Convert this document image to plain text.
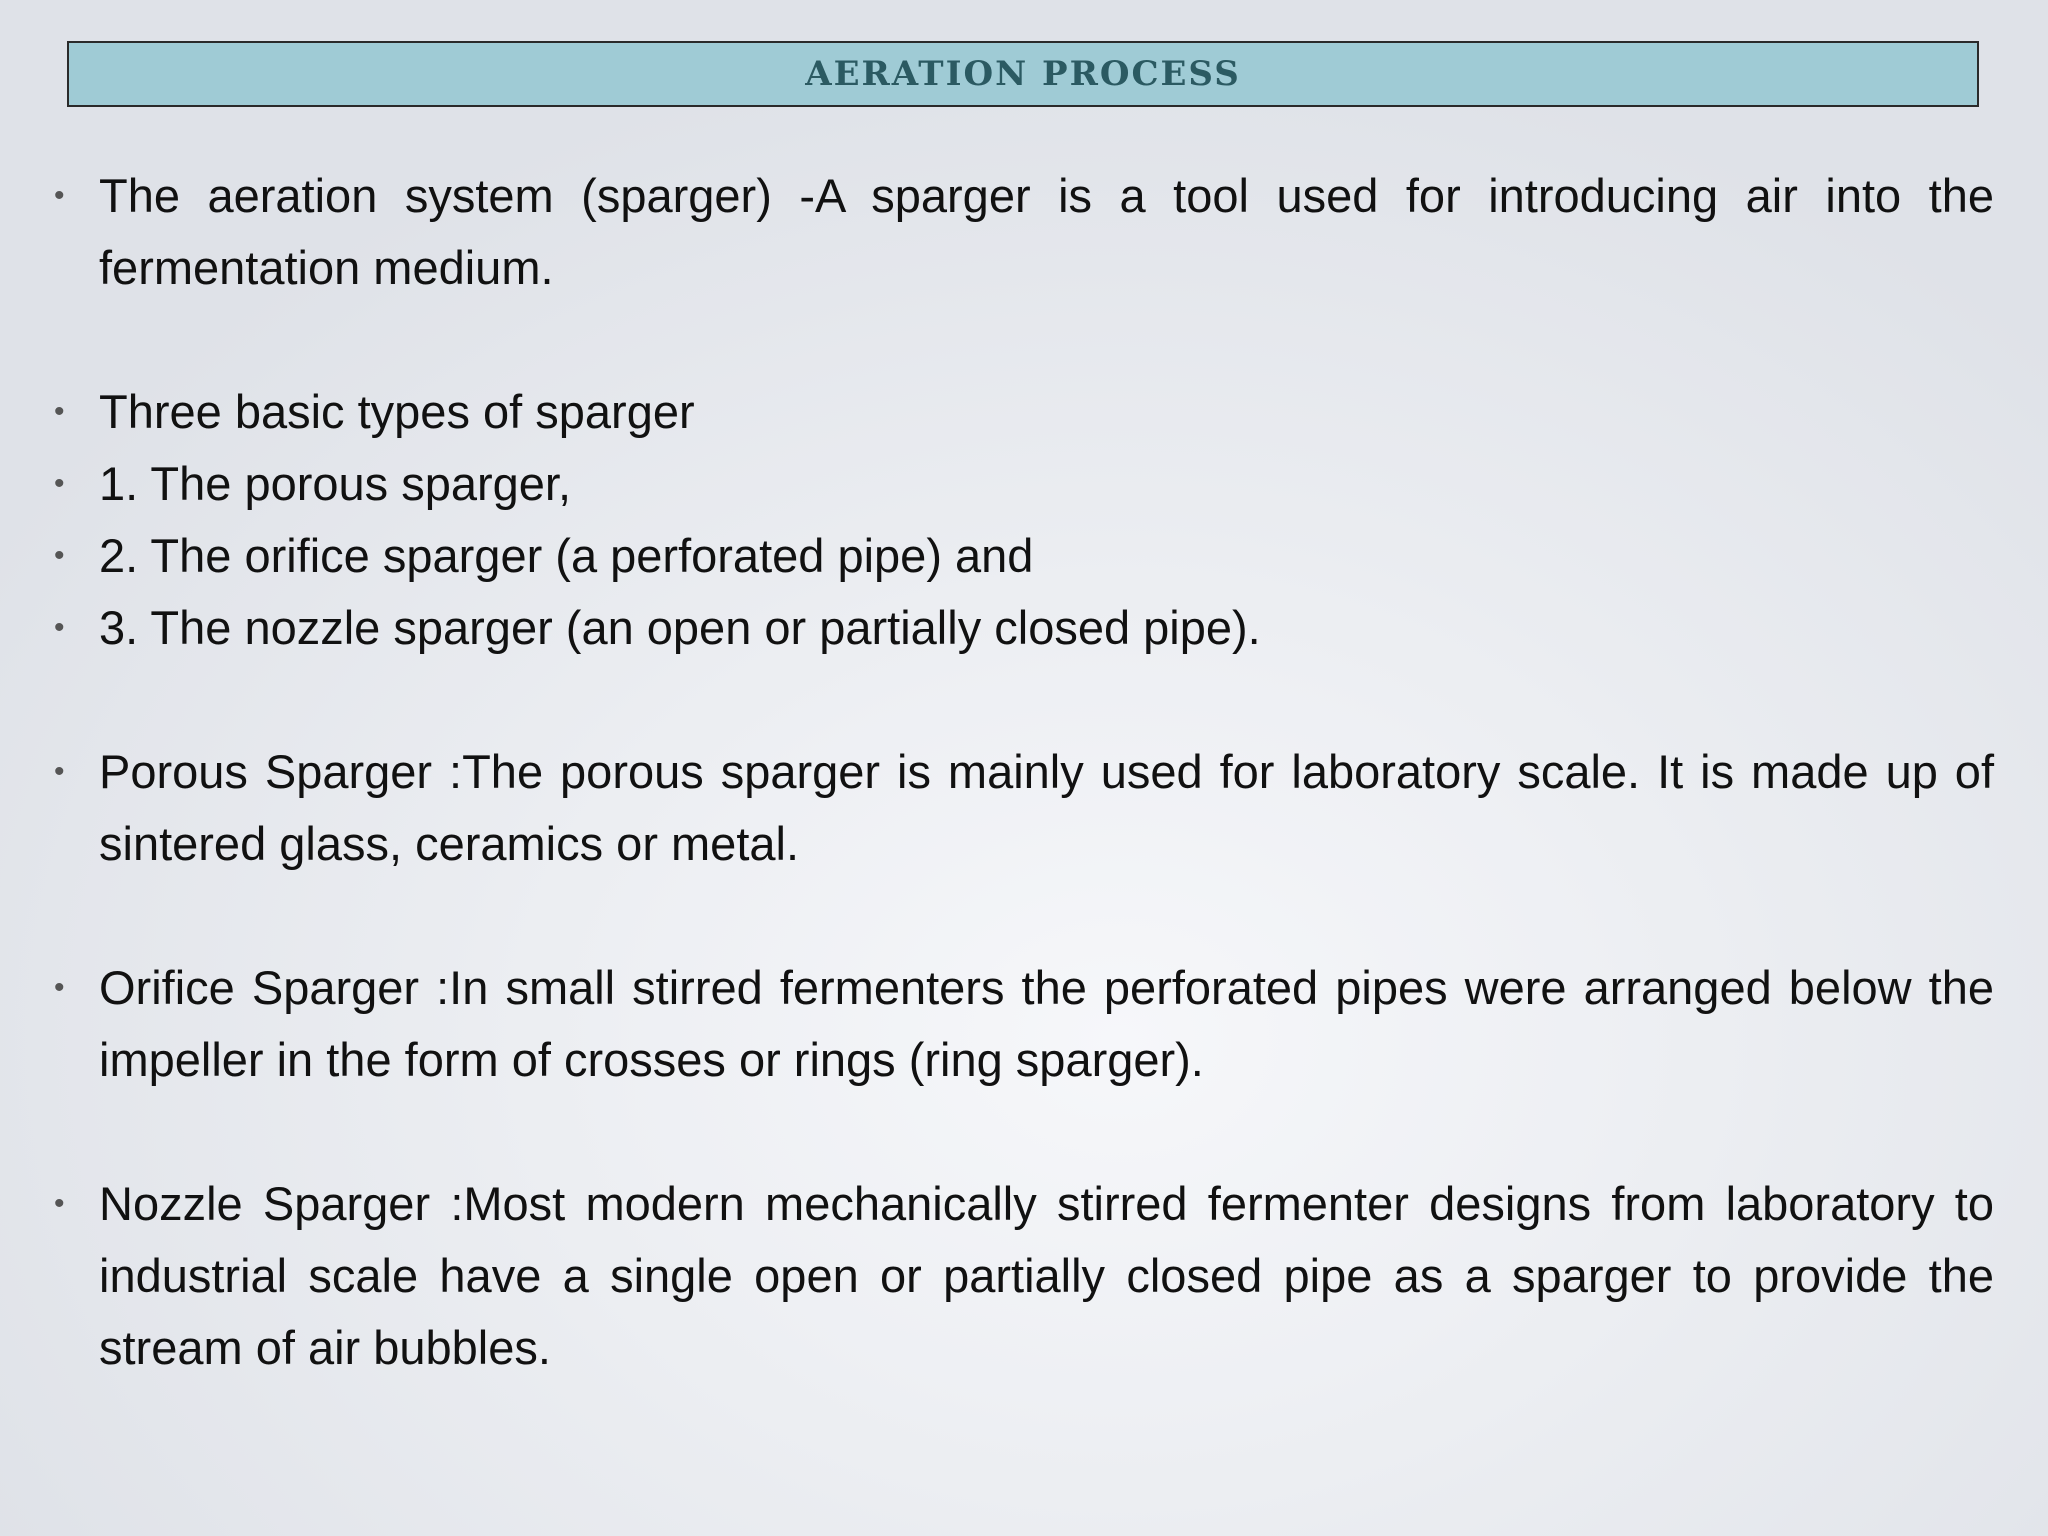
AERATION PROCESS
• The aeration system (sparger) -A sparger is a tool used for introducing air into the fermentation medium.
• Three basic types of sparger
• 1. The porous sparger,
• 2. The orifice sparger (a perforated pipe) and
• 3. The nozzle sparger (an open or partially closed pipe).
• Porous Sparger :The porous sparger is mainly used for laboratory scale. It is made up of sintered glass, ceramics or metal.
• Orifice Sparger :In small stirred fermenters the perforated pipes were arranged below the impeller in the form of crosses or rings (ring sparger).
• Nozzle Sparger :Most modern mechanically stirred fermenter designs from laboratory to industrial scale have a single open or partially closed pipe as a sparger to provide the stream of air bubbles.
